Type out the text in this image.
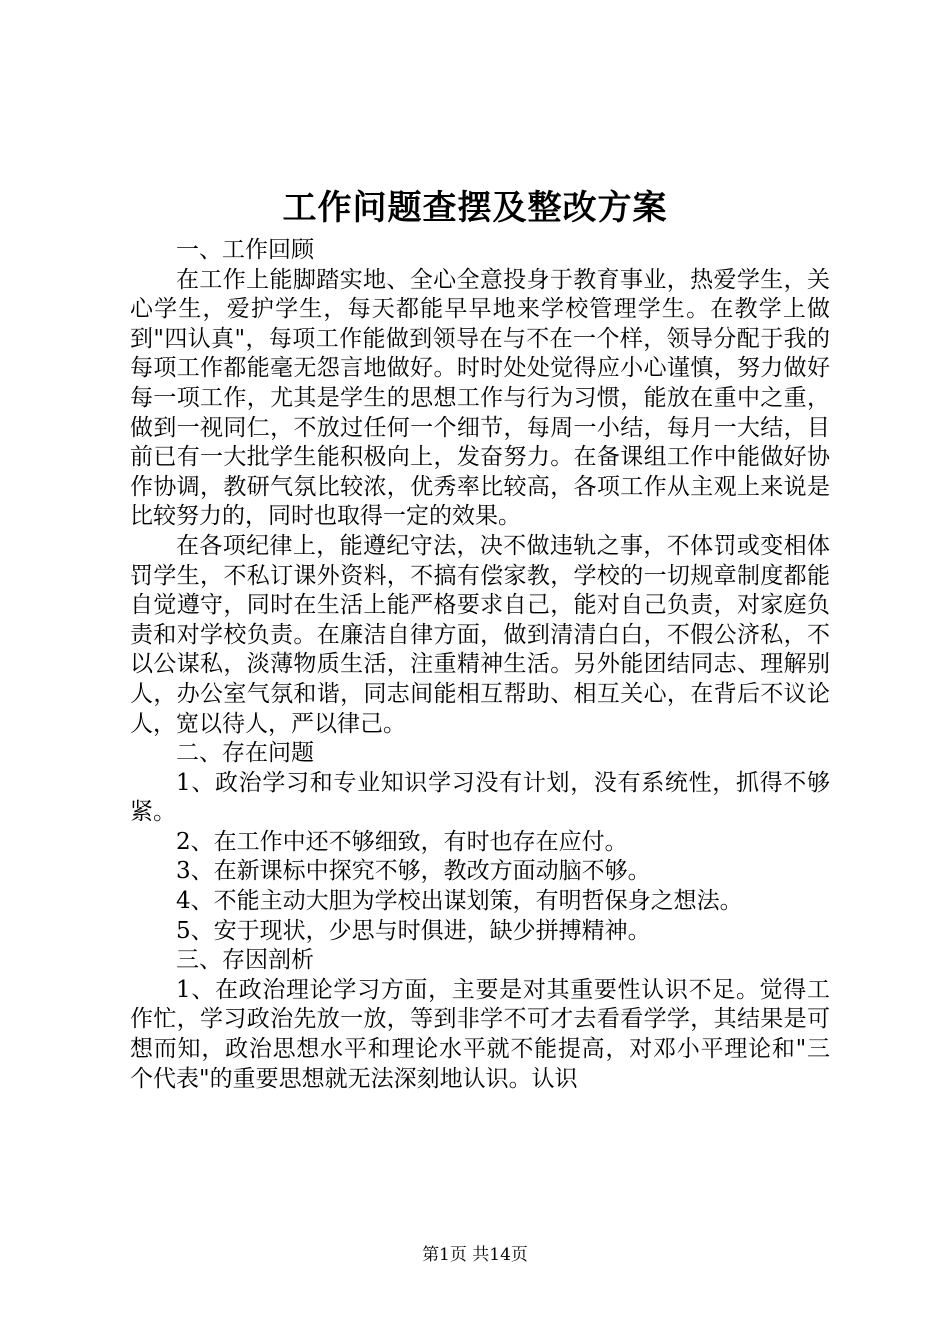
工作问题查摆及整改方案

一、工作回顾

在工作上能脚踏实地、全心全意投身于教育事业，热爱学生，关心学生，爱护学生，每天都能早早地来学校管理学生。在教学上做到"四认真"，每项工作能做到领导在与不在一个样，领导分配于我的每项工作都能毫无怨言地做好。时时处处觉得应小心谨慎，努力做好每一项工作，尤其是学生的思想工作与行为习惯，能放在重中之重，做到一视同仁，不放过任何一个细节，每周一小结，每月一大结，目前已有一大批学生能积极向上，发奋努力。在备课组工作中能做好协作协调，教研气氛比较浓，优秀率比较高，各项工作从主观上来说是比较努力的，同时也取得一定的效果。

在各项纪律上，能遵纪守法，决不做违轨之事，不体罚或变相体罚学生，不私订课外资料，不搞有偿家教，学校的一切规章制度都能自觉遵守，同时在生活上能严格要求自己，能对自己负责，对家庭负责和对学校负责。在廉洁自律方面，做到清清白白，不假公济私，不以公谋私，淡薄物质生活，注重精神生活。另外能团结同志、理解别人，办公室气氛和谐，同志间能相互帮助、相互关心，在背后不议论人，宽以待人，严以律己。

二、存在问题

1、政治学习和专业知识学习没有计划，没有系统性，抓得不够紧。

2、在工作中还不够细致，有时也存在应付。

3、在新课标中探究不够，教改方面动脑不够。

4、不能主动大胆为学校出谋划策，有明哲保身之想法。

5、安于现状，少思与时俱进，缺少拼搏精神。

三、存因剖析

1、在政治理论学习方面，主要是对其重要性认识不足。觉得工作忙，学习政治先放一放，等到非学不可才去看看学学，其结果是可想而知，政治思想水平和理论水平就不能提高，对邓小平理论和"三个代表"的重要思想就无法深刻地认识。认识

第1页 共14页
